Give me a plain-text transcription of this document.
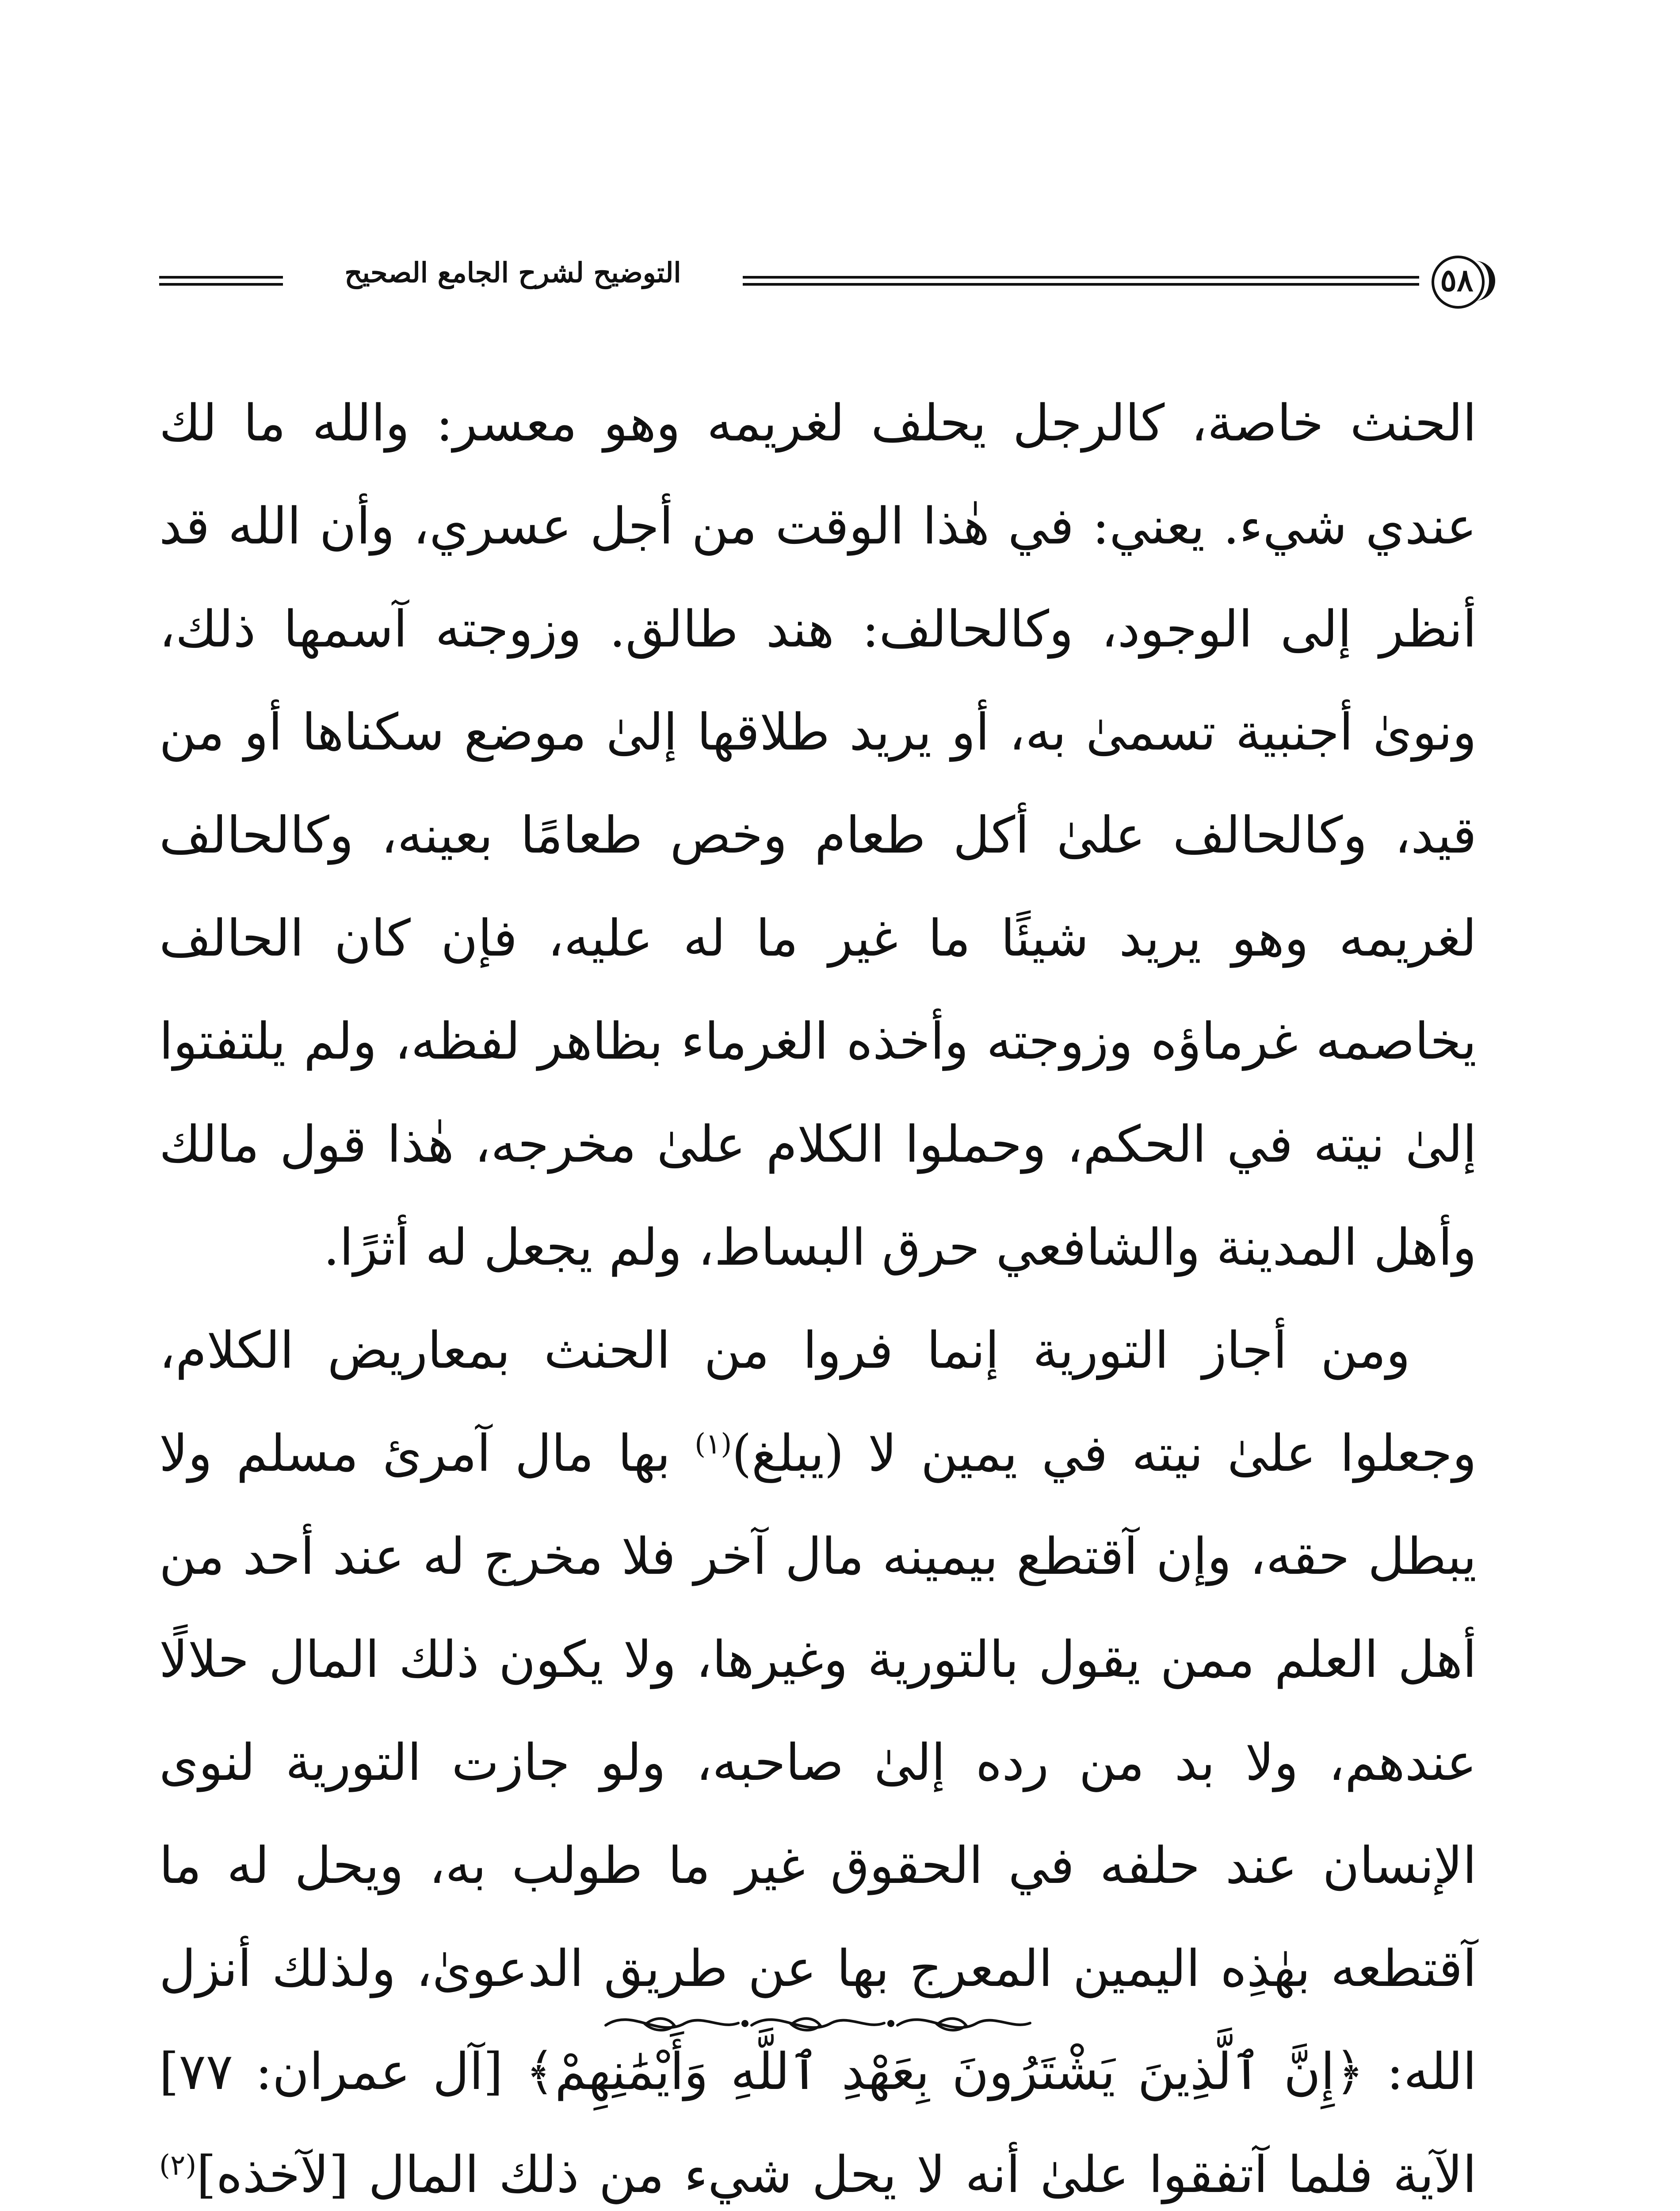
التوضيح لشرح الجامع الصحيح	٥٨

الحنث خاصة، كالرجل يحلف لغريمه وهو معسر: والله ما لك عندي شيء. يعني: في هٰذا الوقت من أجل عسري، وأن الله قد أنظر إلى الوجود، وكالحالف: هند طالق. وزوجته آسمها ذلك، ونوىٰ أجنبية تسمىٰ به، أو يريد طلاقها إلىٰ موضع سكناها أو من قيد، وكالحالف علىٰ أكل طعام وخص طعامًا بعينه، وكالحالف لغريمه وهو يريد شيئًا ما غير ما له عليه، فإن كان الحالف يخاصمه غرماؤه وزوجته وأخذه الغرماء بظاهر لفظه، ولم يلتفتوا إلىٰ نيته في الحكم، وحملوا الكلام علىٰ مخرجه، هٰذا قول مالك وأهل المدينة والشافعي حرق البساط، ولم يجعل له أثرًا.

ومن أجاز التورية إنما فروا من الحنث بمعاريض الكلام، وجعلوا علىٰ نيته في يمين لا (يبلغ)$^{(١)}$ بها مال آمرئ مسلم ولا يبطل حقه، وإن آقتطع بيمينه مال آخر فلا مخرج له عند أحد من أهل العلم ممن يقول بالتورية وغيرها، ولا يكون ذلك المال حلالًا عندهم، ولا بد من رده إلىٰ صاحبه، ولو جازت التورية لنوى الإنسان عند حلفه في الحقوق غير ما طولب به، ويحل له ما آقتطعه بهٰذِه اليمين المعرج بها عن طريق الدعوىٰ، ولذلك أنزل الله: ﴿إِنَّ ٱلَّذِينَ يَشْتَرُونَ بِعَهْدِ ٱللَّهِ وَأَيْمَٰنِهِمْ﴾ [آل عمران: ٧٧] الآية فلما آتفقوا علىٰ أنه لا يحل شيء من ذلك المال [لآخذه]$^{(٢)}$
